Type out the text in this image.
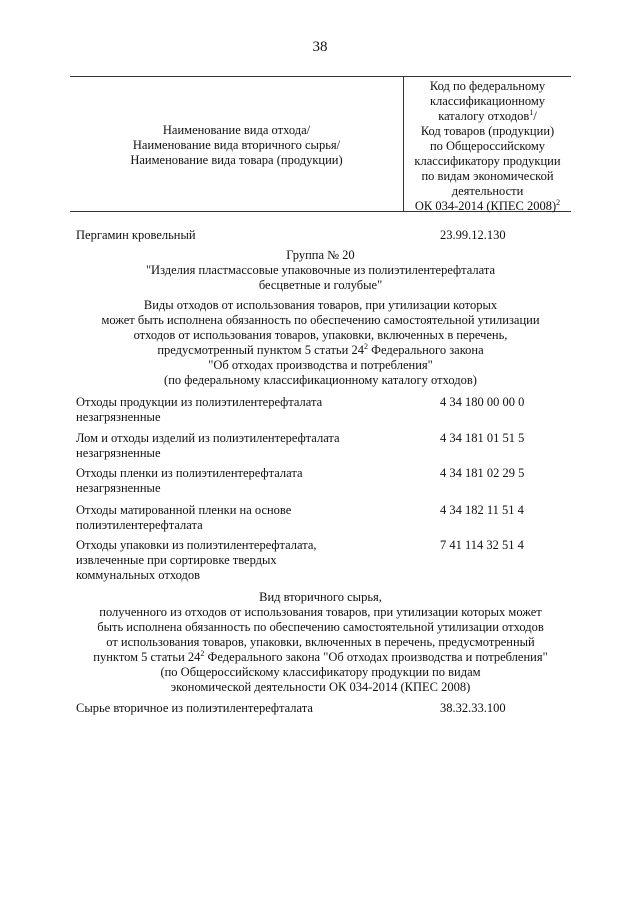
38
Наименование вида отхода/
Наименование вида вторичного сырья/
Наименование вида товара (продукции)
Код по федеральному
классификационному
каталогу отходов$^1$/
Код товаров (продукции)
по Общероссийскому
классификатору продукции
по видам экономической
деятельности
ОК 034-2014 (КПЕС 2008)$^2$
Пергамин кровельный	23.99.12.130
Группа № 20
"Изделия пластмассовые упаковочные из полиэтилентерефталата
бесцветные и голубые"
Виды отходов от использования товаров, при утилизации которых
может быть исполнена обязанность по обеспечению самостоятельной утилизации
отходов от использования товаров, упаковки, включенных в перечень,
предусмотренный пунктом 5 статьи $24^2$ Федерального закона
"Об отходах производства и потребления"
(по федеральному классификационному каталогу отходов)
Отходы продукции из полиэтилентерефталата
незагрязненные
4 34 180 00 00 0
Лом и отходы изделий из полиэтилентерефталата
незагрязненные
4 34 181 01 51 5
Отходы пленки из полиэтилентерефталата
незагрязненные
4 34 181 02 29 5
Отходы матированной пленки на основе
полиэтилентерефталата
4 34 182 11 51 4
Отходы упаковки из полиэтилентерефталата,
извлеченные при сортировке твердых
коммунальных отходов
7 41 114 32 51 4
Вид вторичного сырья,
полученного из отходов от использования товаров, при утилизации которых может
быть исполнена обязанность по обеспечению самостоятельной утилизации отходов
от использования товаров, упаковки, включенных в перечень, предусмотренный
пунктом 5 статьи $24^2$ Федерального закона "Об отходах производства и потребления"
(по Общероссийскому классификатору продукции по видам
экономической деятельности ОК 034-2014 (КПЕС 2008)
Сырье вторичное из полиэтилентерефталата	38.32.33.100
